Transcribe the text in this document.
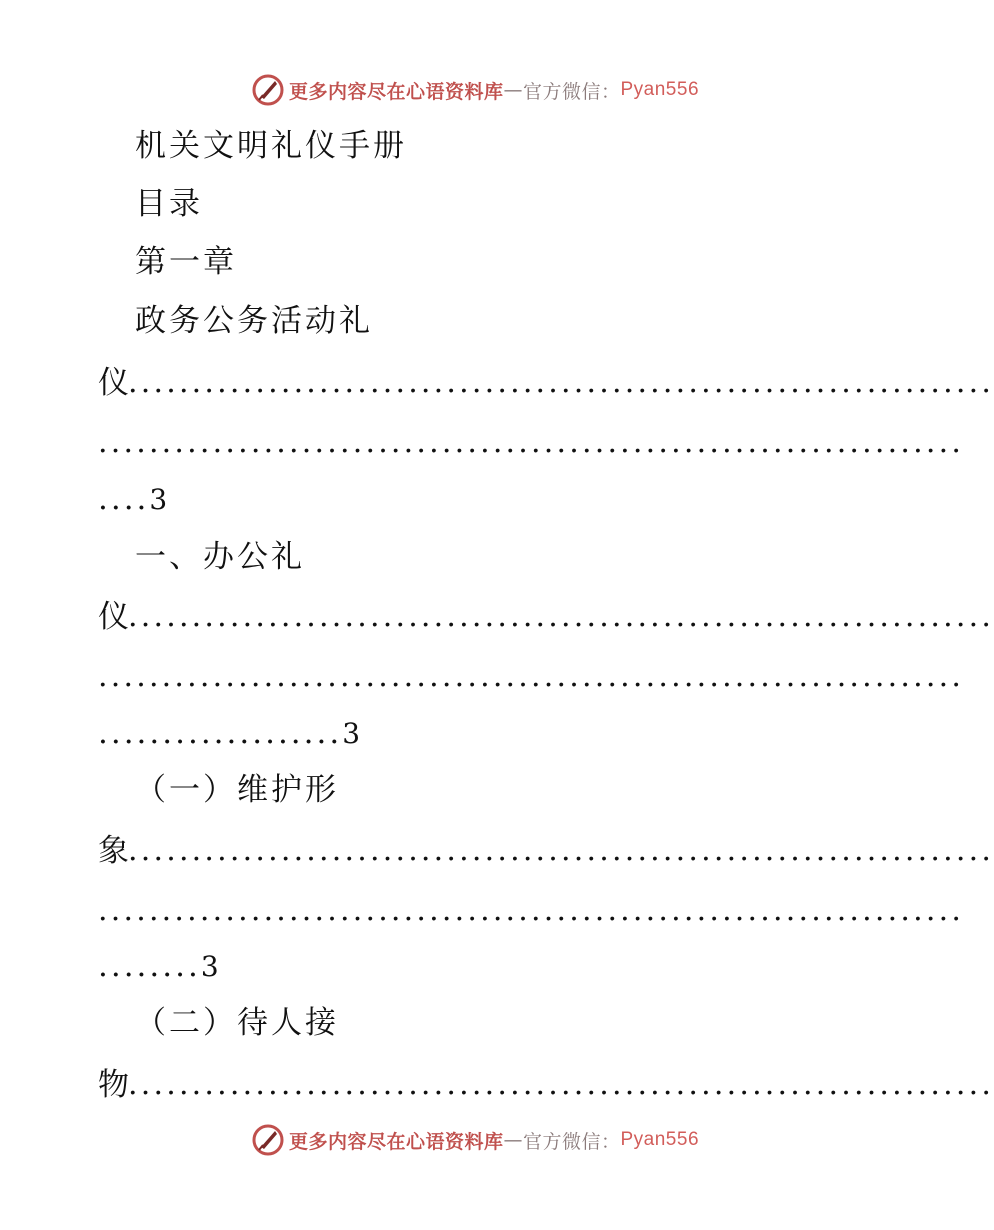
更多内容尽在心语资料库 — 官方微信： Pyan556
机关文明礼仪手册
目录
第一章
政务公务活动礼
仪
....................................................................
....................................................................
....3
一、办公礼
仪
....................................................................
....................................................................
...................3
（一）维护形
象
....................................................................
....................................................................
........3
（二）待人接
物
....................................................................
更多内容尽在心语资料库 — 官方微信： Pyan556
